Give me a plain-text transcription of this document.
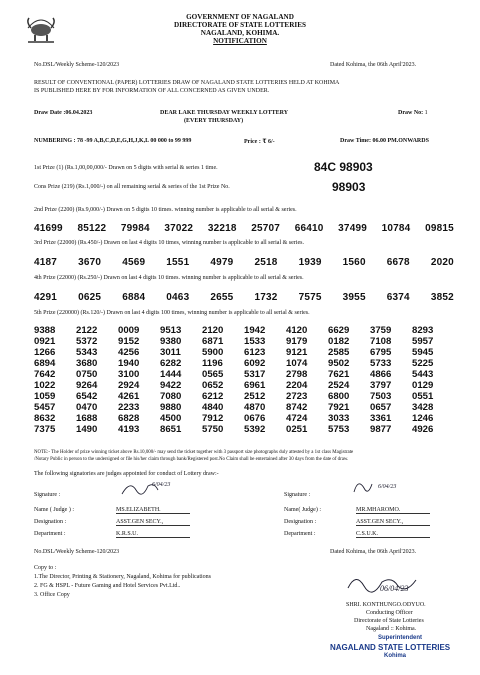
GOVERNMENT OF NAGALAND
DIRECTORATE OF STATE LOTTERIES
NAGALAND, KOHIMA.
NOTIFICATION
No.DSL/Weekly Scheme-120/2023	Dated Kohima, the 06th April'2023.
RESULT OF CONVENTIONAL (PAPER) LOTTERIES DRAW OF NAGALAND STATE LOTTERIES HELD AT KOHIMA
IS PUBLISHED HERE BY FOR INFORMATION OF ALL CONCERNED AS GIVEN UNDER.
Draw Date :06.04.2023	DEAR LAKE THURSDAY WEEKLY LOTTERY
(EVERY THURSDAY)
Draw No: 1
NUMBERING : 78 -99 A,B,C,D,E,G,H,J,K,L 00 000 to 99 999	Price : ₹ 6/-	Draw Time: 06.00 PM.ONWARDS
1st Prize (1) (Rs.1,00,00,000/- Drawn on 5 digits with serial & series 1 time.	84C 98903
Cons Prize (219) (Rs.1,000/-) on all remaining serial & series of the 1st Prize No.	98903
2nd Prize (2200) (Rs.9,000/-) Drawn on 5 digits 10 times. winning number is applicable to all serial & series.
41699 85122 79984 37022 32218 25707 66410 37499 10784 09815
3rd Prize (22000) (Rs.450/-) Drawn on last 4 digits 10 times, winning number is applicable to all serial & series.
4187 3670 4569 1551 4979 2518 1939 1560 6678 2020
4th Prize (22000) (Rs.250/-) Drawn on last 4 digits 10 times. winning number is applicable to all serial & series.
4291 0625 6884 0463 2655 1732 7575 3955 6374 3852
5th Prize (220000) (Rs.120/-) Drawn on last 4 digits 100 times, winning number is applicable to all serial & series.
9388	2122	0009	9513	2120	1942	4120	6629	3759	8293
0921	5372	9152	9380	6871	1533	9179	0182	7108	5957
1266	5343	4256	3011	5900	6123	9121	2585	6795	5945
6894	3680	1940	6282	1196	6092	1074	9502	5733	5225
7642	0750	3100	1444	0565	5317	2798	7621	4866	5443
1022	9264	2924	9422	0652	6961	2204	2524	3797	0129
1059	6542	4261	7080	6212	2512	2723	6800	7503	0551
5457	0470	2233	9880	4840	4870	8742	7921	0657	3428
8632	1688	6828	4500	7912	0676	4724	3033	3361	1246
7375	1490	4193	8651	5750	5392	0251	5753	9877	4926
NOTE:- The Holder of prize winning ticket above Rs.10,000/- may send the ticket together with 3 passport size photographs duly attested by a 1st class Magistrate
/Notary Public in person to the undersigned or file his/her claim through bank/Registered post.No Claim shall be entertained after 30 days from the date of draw.
The following signatories are judges appointed for conduct of Lottery draw:-
Signature :
6/04/23
Name ( Judge ) :	MS.ELIZABETH.
Designation :	ASST.GEN SECY.,
Department :	K.R.S.U.
Signature :
6/04/23
Name( Judge) :	MR.MHAROMO.
Designation :	ASST.GEN SECY.,
Department :	C.S.U.K.
No.DSL/Weekly Scheme-120/2023	Dated Kohima, the 06th April'2023.
Copy to :
1.The Director, Printing & Stationery, Nagaland, Kohima for publications
2. FG & HSPL - Future Gaming and Hotel Services Pvt.Ltd..
3. Office Copy
06/04/23
SHRI. KONTHUNGO.ODYUO.
Conducting Officer
Directorate of State Lotteries
Nagaland :: Kohima.
Superintendent
NAGALAND STATE LOTTERIES
Kohima
